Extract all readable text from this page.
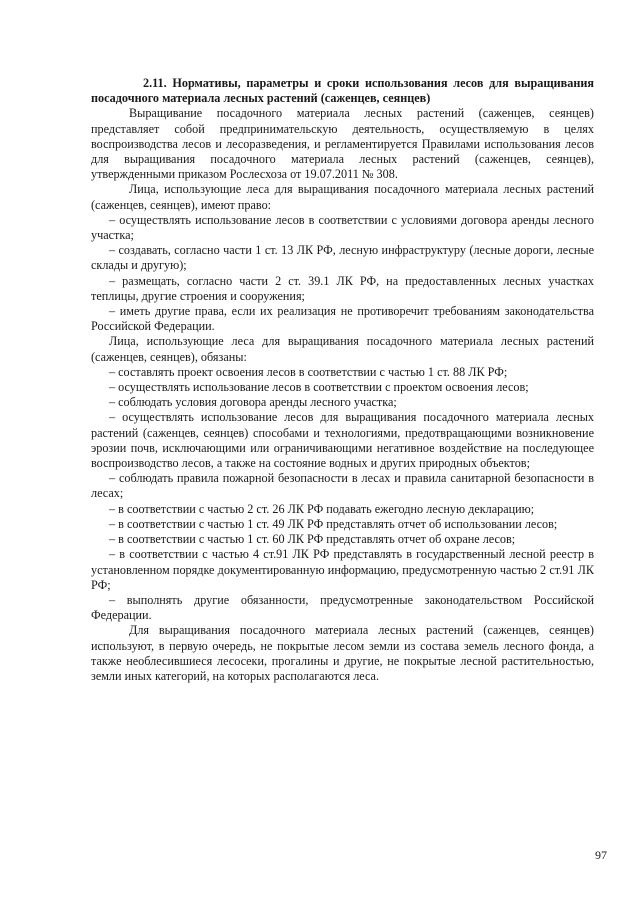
2.11. Нормативы, параметры и сроки использования лесов для выращивания посадочного материала лесных растений (саженцев, сеянцев)

Выращивание посадочного материала лесных растений (саженцев, сеянцев) представляет собой предпринимательскую деятельность, осуществляемую в целях воспроизводства лесов и лесоразведения, и регламентируется Правилами использования лесов для выращивания посадочного материала лесных растений (саженцев, сеянцев), утвержденными приказом Рослесхоза от 19.07.2011 № 308.

Лица, использующие леса для выращивания посадочного материала лесных растений (саженцев, сеянцев), имеют право:

– осуществлять использование лесов в соответствии с условиями договора аренды лесного участка;

– создавать, согласно части 1 ст. 13 ЛК РФ, лесную инфраструктуру (лесные дороги, лесные склады и другую);

– размещать, согласно части 2 ст. 39.1 ЛК РФ, на предоставленных лесных участках теплицы, другие строения и сооружения;

– иметь другие права, если их реализация не противоречит требованиям законодательства Российской Федерации.

Лица, использующие леса для выращивания посадочного материала лесных растений (саженцев, сеянцев), обязаны:

– составлять проект освоения лесов в соответствии с частью 1 ст. 88 ЛК РФ;

– осуществлять использование лесов в соответствии с проектом освоения лесов;

– соблюдать условия договора аренды лесного участка;

– осуществлять использование лесов для выращивания посадочного материала лесных растений (саженцев, сеянцев) способами и технологиями, предотвращающими возникновение эрозии почв, исключающими или ограничивающими негативное воздействие на последующее воспроизводство лесов, а также на состояние водных и других природных объектов;

– соблюдать правила пожарной безопасности в лесах и правила санитарной безопасности в лесах;

– в соответствии с частью 2 ст. 26 ЛК РФ подавать ежегодно лесную декларацию;

– в соответствии с частью 1 ст. 49 ЛК РФ представлять отчет об использовании лесов;

– в соответствии с частью 1 ст. 60 ЛК РФ представлять отчет об охране лесов;

– в соответствии с частью 4 ст.91 ЛК РФ представлять в государственный лесной реестр в установленном порядке документированную информацию, предусмотренную частью 2 ст.91 ЛК РФ;

– выполнять другие обязанности, предусмотренные законодательством Российской Федерации.

Для выращивания посадочного материала лесных растений (саженцев, сеянцев) используют, в первую очередь, не покрытые лесом земли из состава земель лесного фонда, а также необлесившиеся лесосеки, прогалины и другие, не покрытые лесной растительностью, земли иных категорий, на которых располагаются леса.

97
